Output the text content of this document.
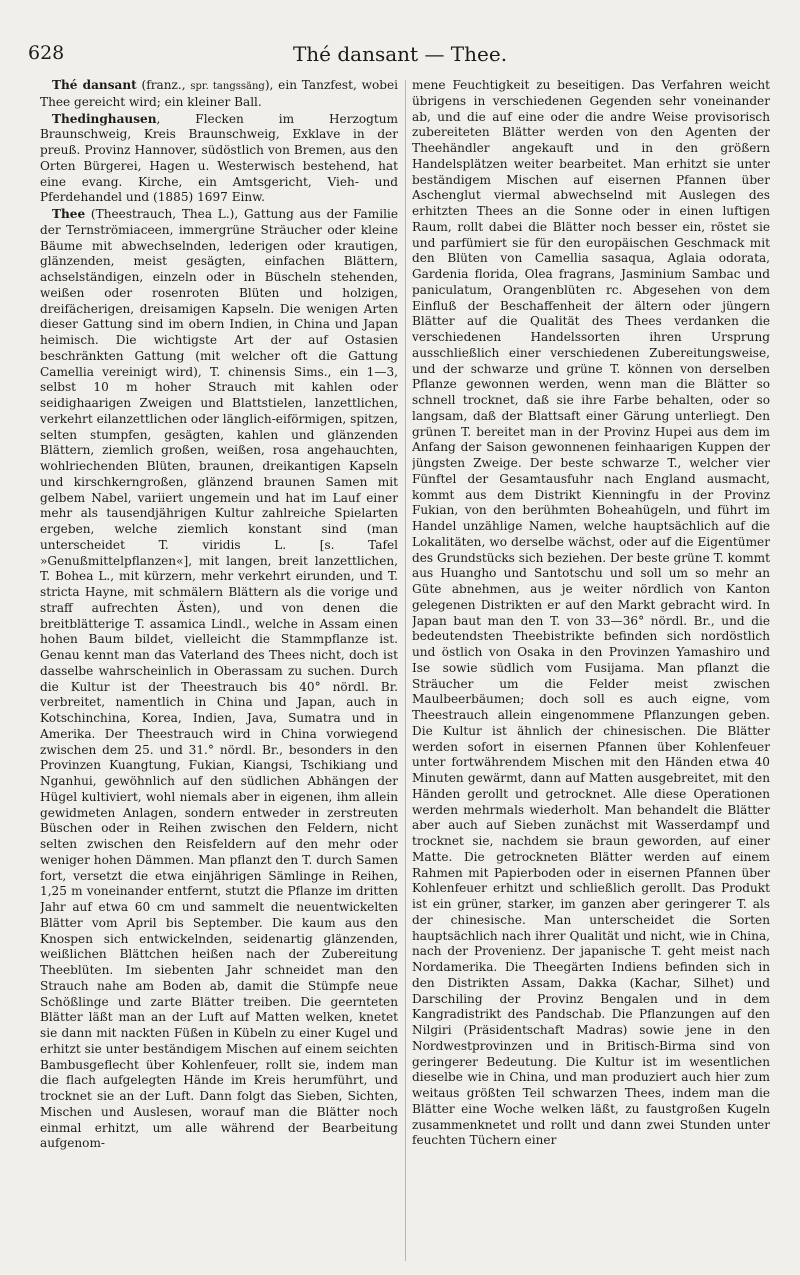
628	Thé dansant — Thee.

Thé dansant (franz., spr. tangssäng), ein Tanzfest, wobei Thee gereicht wird; ein kleiner Ball.

Thedinghausen, Flecken im Herzogtum Braunschweig, Kreis Braunschweig, Exklave in der preuß. Provinz Hannover, südöstlich von Bremen, aus den Orten Bürgerei, Hagen u. Westerwisch bestehend, hat eine evang. Kirche, ein Amtsgericht, Vieh- und Pferdehandel und (1885) 1697 Einw.

Thee (Theestrauch, Thea L.), Gattung aus der Familie der Ternströmiaceen, immergrüne Sträucher oder kleine Bäume mit abwechselnden, lederigen oder krautigen, glänzenden, meist gesägten, einfachen Blättern, achselständigen, einzeln oder in Büscheln stehenden, weißen oder rosenroten Blüten und holzigen, dreifächerigen, dreisamigen Kapseln. Die wenigen Arten dieser Gattung sind im obern Indien, in China und Japan heimisch. Die wichtigste Art der auf Ostasien beschränkten Gattung (mit welcher oft die Gattung Camellia vereinigt wird), T. chinensis Sims., ein 1—3, selbst 10 m hoher Strauch mit kahlen oder seidighaarigen Zweigen und Blattstielen, lanzettlichen, verkehrt eilanzettlichen oder länglich-eiförmigen, spitzen, selten stumpfen, gesägten, kahlen und glänzenden Blättern, ziemlich großen, weißen, rosa angehauchten, wohlriechenden Blüten, braunen, dreikantigen Kapseln und kirschkerngroßen, glänzend braunen Samen mit gelbem Nabel, variiert ungemein und hat im Lauf einer mehr als tausendjährigen Kultur zahlreiche Spielarten ergeben, welche ziemlich konstant sind (man unterscheidet T. viridis L. [s. Tafel »Genußmittelpflanzen«], mit langen, breit lanzettlichen, T. Bohea L., mit kürzern, mehr verkehrt eirunden, und T. stricta Hayne, mit schmälern Blättern als die vorige und straff aufrechten Ästen), und von denen die breitblätterige T. assamica Lindl., welche in Assam einen hohen Baum bildet, vielleicht die Stammpflanze ist. Genau kennt man das Vaterland des Thees nicht, doch ist dasselbe wahrscheinlich in Oberassam zu suchen. Durch die Kultur ist der Theestrauch bis 40° nördl. Br. verbreitet, namentlich in China und Japan, auch in Kotschinchina, Korea, Indien, Java, Sumatra und in Amerika. Der Theestrauch wird in China vorwiegend zwischen dem 25. und 31.° nördl. Br., besonders in den Provinzen Kuangtung, Fukian, Kiangsi, Tschikiang und Nganhui, gewöhnlich auf den südlichen Abhängen der Hügel kultiviert, wohl niemals aber in eigenen, ihm allein gewidmeten Anlagen, sondern entweder in zerstreuten Büschen oder in Reihen zwischen den Feldern, nicht selten zwischen den Reisfeldern auf den mehr oder weniger hohen Dämmen. Man pflanzt den T. durch Samen fort, versetzt die etwa einjährigen Sämlinge in Reihen, 1,25 m voneinander entfernt, stutzt die Pflanze im dritten Jahr auf etwa 60 cm und sammelt die neuentwickelten Blätter vom April bis September. Die kaum aus den Knospen sich entwickelnden, seidenartig glänzenden, weißlichen Blättchen heißen nach der Zubereitung Theeblüten. Im siebenten Jahr schneidet man den Strauch nahe am Boden ab, damit die Stümpfe neue Schößlinge und zarte Blätter treiben. Die geernteten Blätter läßt man an der Luft auf Matten welken, knetet sie dann mit nackten Füßen in Kübeln zu einer Kugel und erhitzt sie unter beständigem Mischen auf einem seichten Bambusgeflecht über Kohlenfeuer, rollt sie, indem man die flach aufgelegten Hände im Kreis herumführt, und trocknet sie an der Luft. Dann folgt das Sieben, Sichten, Mischen und Auslesen, worauf man die Blätter noch einmal erhitzt, um alle während der Bearbeitung aufgenom-

mene Feuchtigkeit zu beseitigen. Das Verfahren weicht übrigens in verschiedenen Gegenden sehr voneinander ab, und die auf eine oder die andre Weise provisorisch zubereiteten Blätter werden von den Agenten der Theehändler angekauft und in den größern Handelsplätzen weiter bearbeitet. Man erhitzt sie unter beständigem Mischen auf eisernen Pfannen über Aschenglut viermal abwechselnd mit Auslegen des erhitzten Thees an die Sonne oder in einen luftigen Raum, rollt dabei die Blätter noch besser ein, röstet sie und parfümiert sie für den europäischen Geschmack mit den Blüten von Camellia sasaqua, Aglaia odorata, Gardenia florida, Olea fragrans, Jasminium Sambac und paniculatum, Orangenblüten rc. Abgesehen von dem Einfluß der Beschaffenheit der ältern oder jüngern Blätter auf die Qualität des Thees verdanken die verschiedenen Handelssorten ihren Ursprung ausschließlich einer verschiedenen Zubereitungsweise, und der schwarze und grüne T. können von derselben Pflanze gewonnen werden, wenn man die Blätter so schnell trocknet, daß sie ihre Farbe behalten, oder so langsam, daß der Blattsaft einer Gärung unterliegt. Den grünen T. bereitet man in der Provinz Hupei aus dem im Anfang der Saison gewonnenen feinhaarigen Kuppen der jüngsten Zweige. Der beste schwarze T., welcher vier Fünftel der Gesamtausfuhr nach England ausmacht, kommt aus dem Distrikt Kienningfu in der Provinz Fukian, von den berühmten Boheahügeln, und führt im Handel unzählige Namen, welche hauptsächlich auf die Lokalitäten, wo derselbe wächst, oder auf die Eigentümer des Grundstücks sich beziehen. Der beste grüne T. kommt aus Huangho und Santotschu und soll um so mehr an Güte abnehmen, aus je weiter nördlich von Kanton gelegenen Distrikten er auf den Markt gebracht wird. In Japan baut man den T. von 33—36° nördl. Br., und die bedeutendsten Theebistrikte befinden sich nordöstlich und östlich von Osaka in den Provinzen Yamashiro und Ise sowie südlich vom Fusijama. Man pflanzt die Sträucher um die Felder meist zwischen Maulbeerbäumen; doch soll es auch eigne, vom Theestrauch allein eingenommene Pflanzungen geben. Die Kultur ist ähnlich der chinesischen. Die Blätter werden sofort in eisernen Pfannen über Kohlenfeuer unter fortwährendem Mischen mit den Händen etwa 40 Minuten gewärmt, dann auf Matten ausgebreitet, mit den Händen gerollt und getrocknet. Alle diese Operationen werden mehrmals wiederholt. Man behandelt die Blätter aber auch auf Sieben zunächst mit Wasserdampf und trocknet sie, nachdem sie braun geworden, auf einer Matte. Die getrockneten Blätter werden auf einem Rahmen mit Papierboden oder in eisernen Pfannen über Kohlenfeuer erhitzt und schließlich gerollt. Das Produkt ist ein grüner, starker, im ganzen aber geringerer T. als der chinesische. Man unterscheidet die Sorten hauptsächlich nach ihrer Qualität und nicht, wie in China, nach der Provenienz. Der japanische T. geht meist nach Nordamerika. Die Theegärten Indiens befinden sich in den Distrikten Assam, Dakka (Kachar, Silhet) und Darschiling der Provinz Bengalen und in dem Kangradistrikt des Pandschab. Die Pflanzungen auf den Nilgiri (Präsidentschaft Madras) sowie jene in den Nordwestprovinzen und in Britisch-Birma sind von geringerer Bedeutung. Die Kultur ist im wesentlichen dieselbe wie in China, und man produziert auch hier zum weitaus größten Teil schwarzen Thees, indem man die Blätter eine Woche welken läßt, zu faustgroßen Kugeln zusammenknetet und rollt und dann zwei Stunden unter feuchten Tüchern einer
